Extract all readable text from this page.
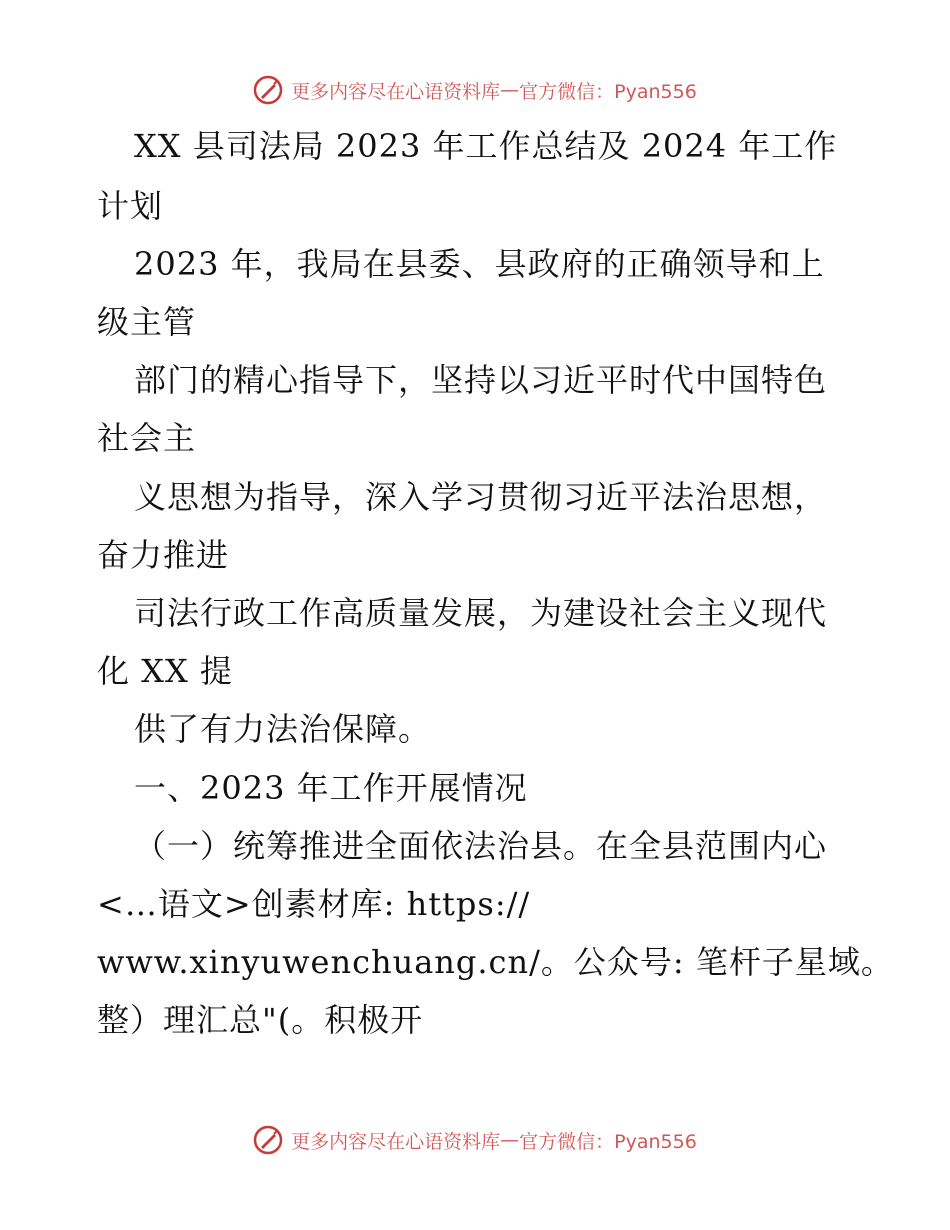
更多内容尽在心语资料库 — 官方微信：Pyan556
XX 县司法局 2023 年工作总结及 2024 年工作
计划
2023 年，我局在县委、县政府的正确领导和上
级主管
部门的精心指导下，坚持以习近平时代中国特色
社会主
义思想为指导，深入学习贯彻习近平法治思想，
奋力推进
司法行政工作高质量发展，为建设社会主义现代
化 XX 提
供了有力法治保障。
一、2023 年工作开展情况
（一）统筹推进全面依法治县。在全县范围内心
<…语文>创素材库: https://
www.xinyuwenchuang.cn/。公众号: 笔杆子星域。
整）理汇总"(。积极开
更多内容尽在心语资料库 — 官方微信：Pyan556
